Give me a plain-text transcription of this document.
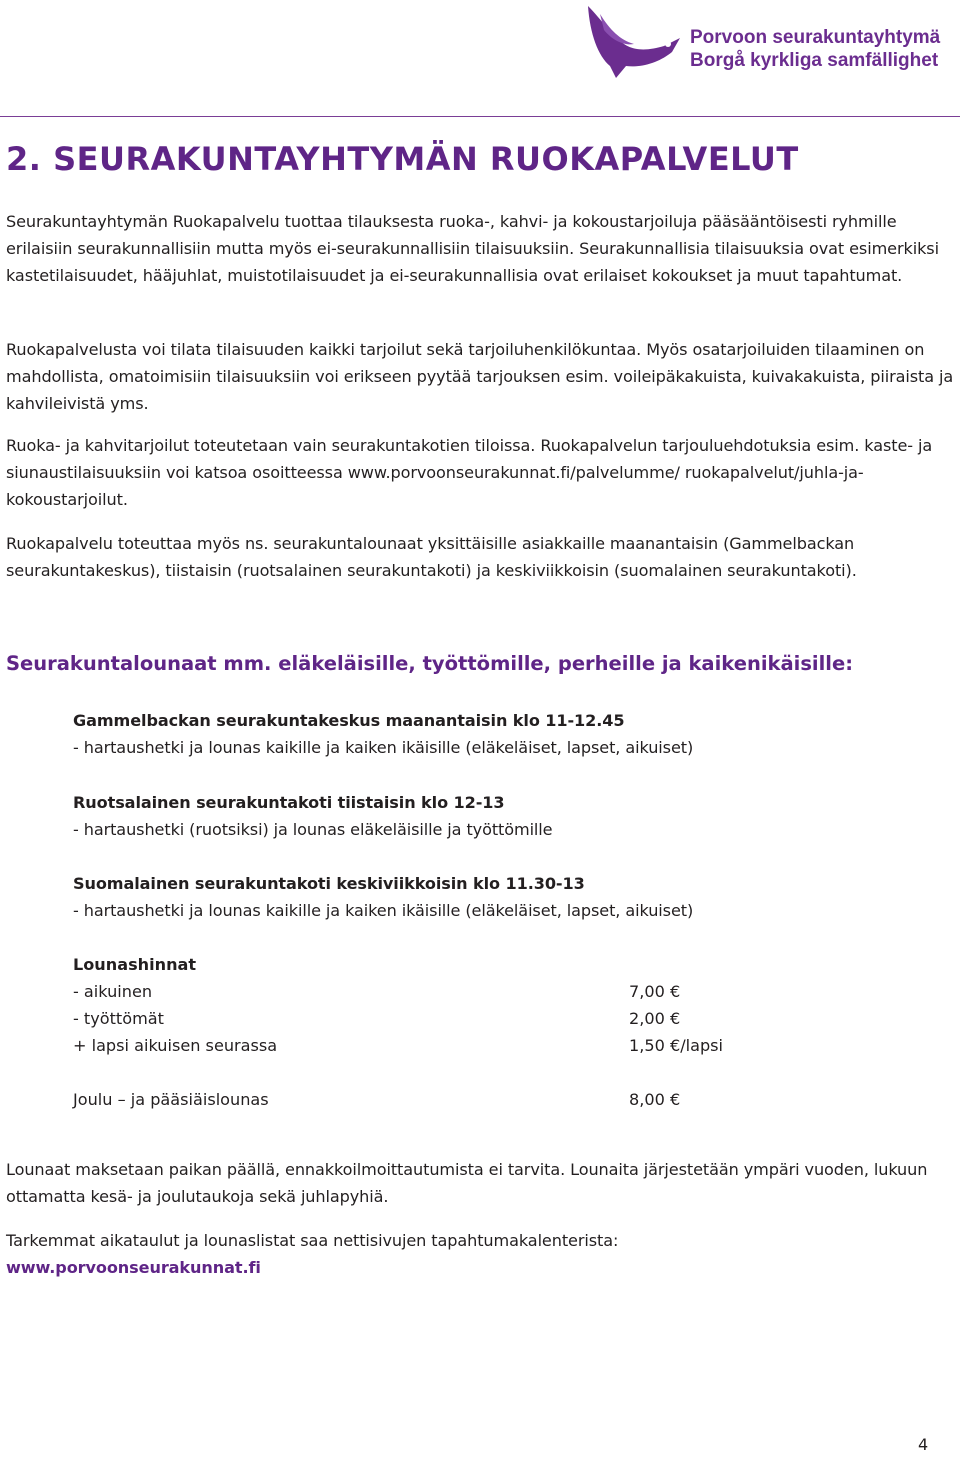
Porvoon seurakuntayhtymä
Borgå kyrkliga samfällighet
2. SEURAKUNTAYHTYMÄN RUOKAPALVELUT

Seurakuntayhtymän Ruokapalvelu tuottaa tilauksesta ruoka-, kahvi- ja kokoustarjoiluja pääsääntöisesti ryhmille erilaisiin seurakunnallisiin mutta myös ei-seurakunnallisiin tilaisuuksiin. Seurakunnallisia tilaisuuksia ovat esimerkiksi kastetilaisuudet, hääjuhlat, muistotilaisuudet ja ei-seurakunnallisia ovat erilaiset kokoukset ja muut tapahtumat.

Ruokapalvelusta voi tilata tilaisuuden kaikki tarjoilut sekä tarjoiluhenkilökuntaa. Myös osatarjoiluiden tilaaminen on mahdollista, omatoimisiin tilaisuuksiin voi erikseen pyytää tarjouksen esim. voileipäkakuista, kuivakakuista, piiraista ja kahvileivistä yms.

Ruoka- ja kahvitarjoilut toteutetaan vain seurakuntakotien tiloissa. Ruokapalvelun tarjouluehdotuksia esim. kaste- ja siunaustilaisuuksiin voi katsoa osoitteessa www.porvoonseurakunnat.fi/palvelumme/ ruokapalvelut/juhla-ja-kokoustarjoilut.

Ruokapalvelu toteuttaa myös ns. seurakuntalounaat yksittäisille asiakkaille maanantaisin (Gammelbackan seurakuntakeskus), tiistaisin (ruotsalainen seurakuntakoti) ja keskiviikkoisin (suomalainen seurakuntakoti).

Seurakuntalounaat mm. eläkeläisille, työttömille, perheille ja kaikenikäisille:
Gammelbackan seurakuntakeskus maanantaisin klo 11-12.45
- hartaushetki ja lounas kaikille ja kaiken ikäisille (eläkeläiset, lapset, aikuiset)
Ruotsalainen seurakuntakoti tiistaisin klo 12-13
- hartaushetki (ruotsiksi) ja lounas eläkeläisille ja työttömille
Suomalainen seurakuntakoti keskiviikkoisin klo 11.30-13
- hartaushetki ja lounas kaikille ja kaiken ikäisille (eläkeläiset, lapset, aikuiset)
Lounashinnat
- aikuinen	7,00 €
- työttömät	2,00 €
+ lapsi aikuisen seurassa	1,50 €/lapsi
Joulu – ja pääsiäislounas	8,00 €

Lounaat maksetaan paikan päällä, ennakkoilmoittautumista ei tarvita. Lounaita järjestetään ympäri vuoden, lukuun ottamatta kesä- ja joulutaukoja sekä juhlapyhiä.

Tarkemmat aikataulut ja lounaslistat saa nettisivujen tapahtumakalenterista:
www.porvoonseurakunnat.fi

4
